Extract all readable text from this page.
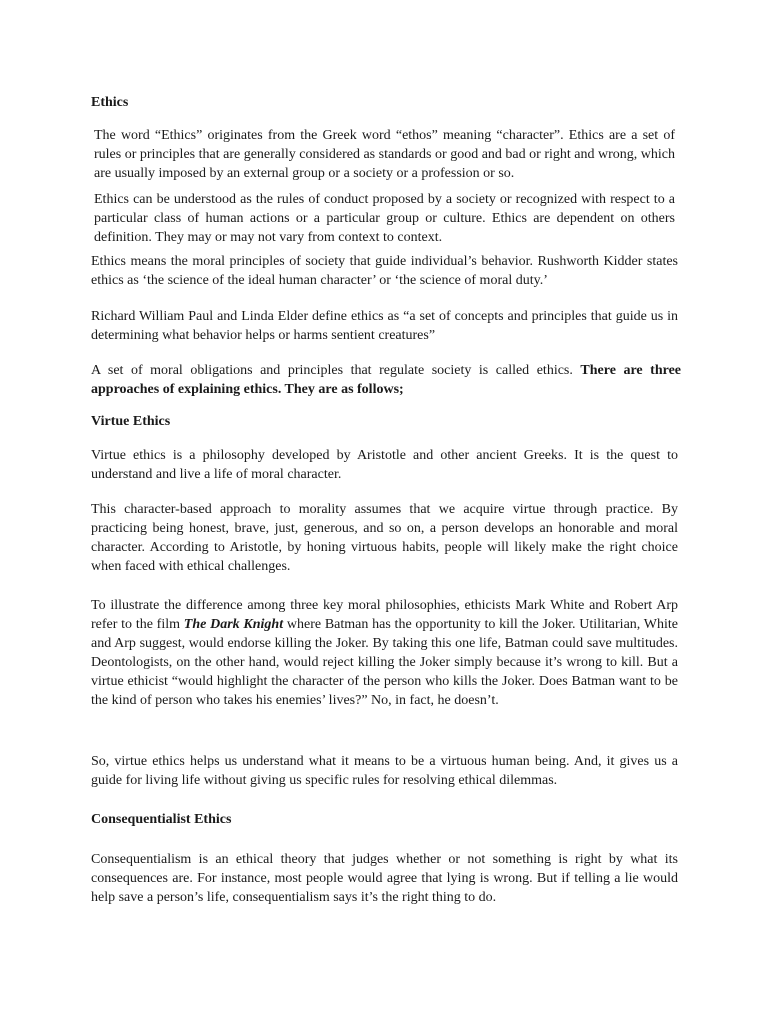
Ethics

The word “Ethics” originates from the Greek word “ethos” meaning “character”. Ethics are a set of rules or principles that are generally considered as standards or good and bad or right and wrong, which are usually imposed by an external group or a society or a profession or so.

Ethics can be understood as the rules of conduct proposed by a society or recognized with respect to a particular class of human actions or a particular group or culture. Ethics are dependent on others definition. They may or may not vary from context to context.

Ethics means the moral principles of society that guide individual’s behavior. Rushworth Kidder states ethics as ‘the science of the ideal human character’ or ‘the science of moral duty.’

Richard William Paul and Linda Elder define ethics as “a set of concepts and principles that guide us in determining what behavior helps or harms sentient creatures”

A set of moral obligations and principles that regulate society is called ethics. There are three approaches of explaining ethics. They are as follows;

Virtue Ethics

Virtue ethics is a philosophy developed by Aristotle and other ancient Greeks. It is the quest to understand and live a life of moral character.

This character-based approach to morality assumes that we acquire virtue through practice. By practicing being honest, brave, just, generous, and so on, a person develops an honorable and moral character. According to Aristotle, by honing virtuous habits, people will likely make the right choice when faced with ethical challenges.

To illustrate the difference among three key moral philosophies, ethicists Mark White and Robert Arp refer to the film The Dark Knight where Batman has the opportunity to kill the Joker. Utilitarian, White and Arp suggest, would endorse killing the Joker. By taking this one life, Batman could save multitudes. Deontologists, on the other hand, would reject killing the Joker simply because it’s wrong to kill. But a virtue ethicist “would highlight the character of the person who kills the Joker. Does Batman want to be the kind of person who takes his enemies’ lives?” No, in fact, he doesn’t.

So, virtue ethics helps us understand what it means to be a virtuous human being. And, it gives us a guide for living life without giving us specific rules for resolving ethical dilemmas.

Consequentialist Ethics

Consequentialism is an ethical theory that judges whether or not something is right by what its consequences are. For instance, most people would agree that lying is wrong. But if telling a lie would help save a person’s life, consequentialism says it’s the right thing to do.
